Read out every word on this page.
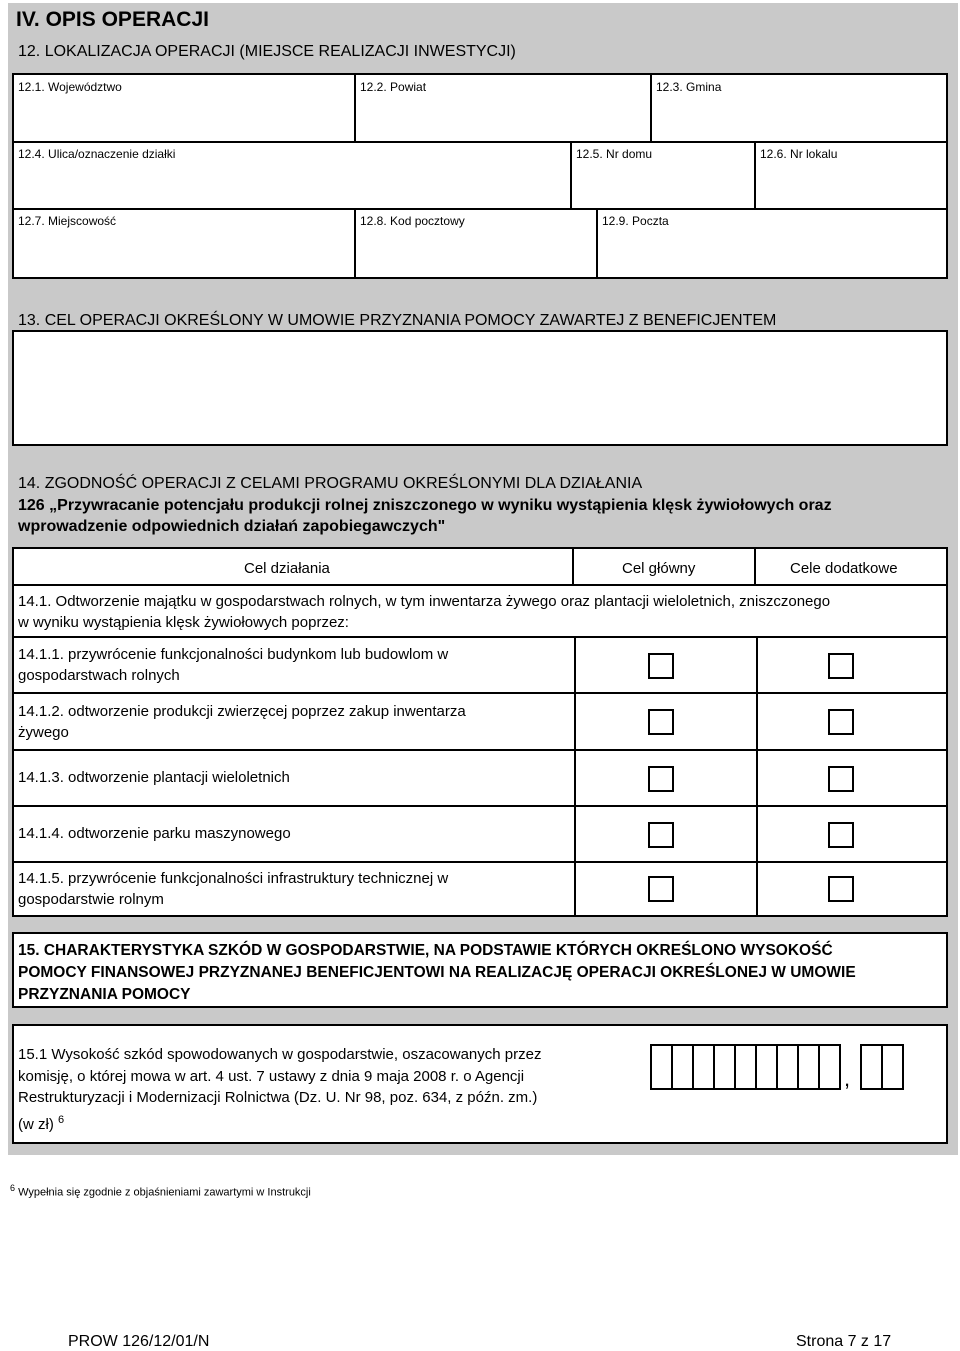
IV. OPIS OPERACJI
12. LOKALIZACJA OPERACJI (MIEJSCE REALIZACJI INWESTYCJI)
12.1. Województwo	12.2. Powiat	12.3. Gmina
12.4. Ulica/oznaczenie działki	12.5. Nr domu	12.6. Nr lokalu
12.7. Miejscowość	12.8. Kod pocztowy	12.9. Poczta
13. CEL OPERACJI OKREŚLONY W UMOWIE PRZYZNANIA POMOCY ZAWARTEJ Z BENEFICJENTEM
14. ZGODNOŚĆ OPERACJI Z CELAMI PROGRAMU OKREŚLONYMI DLA DZIAŁANIA
126 „Przywracanie potencjału produkcji rolnej zniszczonego w wyniku wystąpienia klęsk żywiołowych oraz
wprowadzenie odpowiednich działań zapobiegawczych"
Cel działania	Cel główny	Cele dodatkowe
14.1. Odtworzenie majątku w gospodarstwach rolnych, w tym inwentarza żywego oraz plantacji wieloletnich, zniszczonego
w wyniku wystąpienia klęsk żywiołowych poprzez:
14.1.1. przywrócenie funkcjonalności budynkom lub budowlom w
gospodarstwach rolnych
14.1.2. odtworzenie produkcji zwierzęcej poprzez zakup inwentarza
żywego
14.1.3. odtworzenie plantacji wieloletnich
14.1.4. odtworzenie parku maszynowego
14.1.5. przywrócenie funkcjonalności infrastruktury technicznej w
gospodarstwie rolnym
15. CHARAKTERYSTYKA SZKÓD W GOSPODARSTWIE, NA PODSTAWIE KTÓRYCH OKREŚLONO WYSOKOŚĆ
POMOCY FINANSOWEJ PRZYZNANEJ BENEFICJENTOWI NA REALIZACJĘ OPERACJI OKREŚLONEJ W UMOWIE
PRZYZNANIA POMOCY
15.1 Wysokość szkód spowodowanych w gospodarstwie, oszacowanych przez
komisję, o której mowa w art. 4 ust. 7 ustawy z dnia 9 maja 2008 r. o Agencji
Restrukturyzacji i Modernizacji Rolnictwa (Dz. U. Nr 98, poz. 634, z późn. zm.)
(w zł) $^6$
,
$^6$ Wypełnia się zgodnie z objaśnieniami zawartymi w Instrukcji
PROW 126/12/01/N	Strona 7 z 17
